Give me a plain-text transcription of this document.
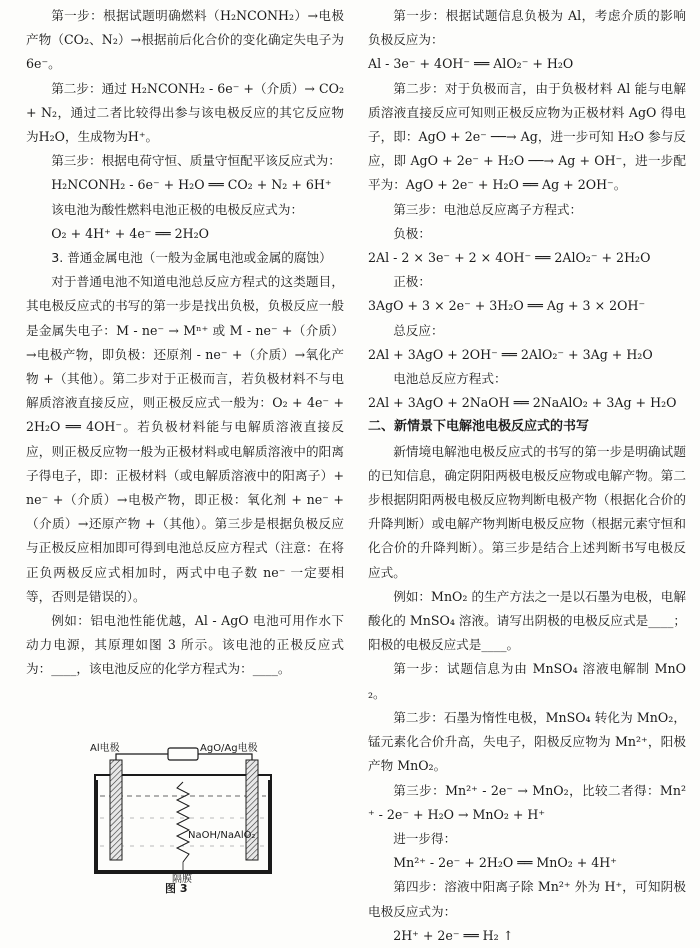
第一步：根据试题明确燃料（H₂NCONH₂）→电极产物（CO₂、N₂）→根据前后化合价的变化确定失电子为6e⁻。

第二步：通过 H₂NCONH₂ - 6e⁻ +（介质）→ CO₂ + N₂，通过二者比较得出参与该电极反应的其它反应物为H₂O，生成物为H⁺。

第三步：根据电荷守恒、质量守恒配平该反应式为：

H₂NCONH₂ - 6e⁻ + H₂O ══ CO₂ + N₂ + 6H⁺

该电池为酸性燃料电池正极的电极反应式为：

O₂ + 4H⁺ + 4e⁻ ══ 2H₂O

3. 普通金属电池（一般为金属电池或金属的腐蚀）

对于普通电池不知道电池总反应方程式的这类题目，其电极反应式的书写的第一步是找出负极，负极反应一般是金属失电子：M - ne⁻ → Mⁿ⁺ 或 M - ne⁻ +（介质）→电极产物，即负极：还原剂 - ne⁻ +（介质）→氧化产物 +（其他）。第二步对于正极而言，若负极材料不与电解质溶液直接反应，则正极反应式一般为：O₂ + 4e⁻ + 2H₂O ══ 4OH⁻。若负极材料能与电解质溶液直接反应，则正极反应物一般为正极材料或电解质溶液中的阳离子得电子，即：正极材料（或电解质溶液中的阳离子）+ ne⁻ +（介质）→电极产物，即正极：氧化剂 + ne⁻ +（介质）→还原产物 +（其他）。第三步是根据负极反应与正极反应相加即可得到电池总反应方程式（注意：在将正负两极反应式相加时，两式中电子数 ne⁻ 一定要相等，否则是错误的）。

例如：铝电池性能优越，Al - AgO 电池可用作水下动力电源，其原理如图 3 所示。该电池的正极反应式为：____，该电池反应的化学方程式为：____。

第一步：根据试题信息负极为 Al，考虑介质的影响负极反应为：

Al - 3e⁻ + 4OH⁻ ══ AlO₂⁻ + H₂O

第二步：对于负极而言，由于负极材料 Al 能与电解质溶液直接反应可知则正极反应物为正极材料 AgO 得电子，即：AgO + 2e⁻ ──→ Ag，进一步可知 H₂O 参与反应，即 AgO + 2e⁻ + H₂O ──→ Ag + OH⁻，进一步配平为：AgO + 2e⁻ + H₂O ══ Ag + 2OH⁻。

第三步：电池总反应离子方程式：

负极：

2Al - 2 × 3e⁻ + 2 × 4OH⁻ ══ 2AlO₂⁻ + 2H₂O

正极：

3AgO + 3 × 2e⁻ + 3H₂O ══ Ag + 3 × 2OH⁻

总反应：

2Al + 3AgO + 2OH⁻ ══ 2AlO₂⁻ + 3Ag + H₂O

电池总反应方程式：

2Al + 3AgO + 2NaOH ══ 2NaAlO₂ + 3Ag + H₂O

二、新情景下电解池电极反应式的书写

新情境电解池电极反应式的书写的第一步是明确试题的已知信息，确定阴阳两极电极反应物或电解产物。第二步根据阴阳两极电极反应物判断电极产物（根据化合价的升降判断）或电解产物判断电极反应物（根据元素守恒和化合价的升降判断）。第三步是结合上述判断书写电极反应式。

例如：MnO₂ 的生产方法之一是以石墨为电极，电解酸化的 MnSO₄ 溶液。请写出阴极的电极反应式是____；阳极的电极反应式是____。

第一步：试题信息为由 MnSO₄ 溶液电解制 MnO₂。

第二步：石墨为惰性电极，MnSO₄ 转化为 MnO₂，锰元素化合价升高，失电子，阳极反应物为 Mn²⁺，阳极产物 MnO₂。

第三步：Mn²⁺ - 2e⁻ → MnO₂，比较二者得：Mn²⁺ - 2e⁻ + H₂O → MnO₂ + H⁺

进一步得：

Mn²⁺ - 2e⁻ + 2H₂O ══ MnO₂ + 4H⁺

第四步：溶液中阳离子除 Mn²⁺ 外为 H⁺，可知阴极电极反应式为：

2H⁺ + 2e⁻ ══ H₂ ↑

Al电极	AgO/Ag电极
NaOH/NaAlO₂
隔膜
图 3
